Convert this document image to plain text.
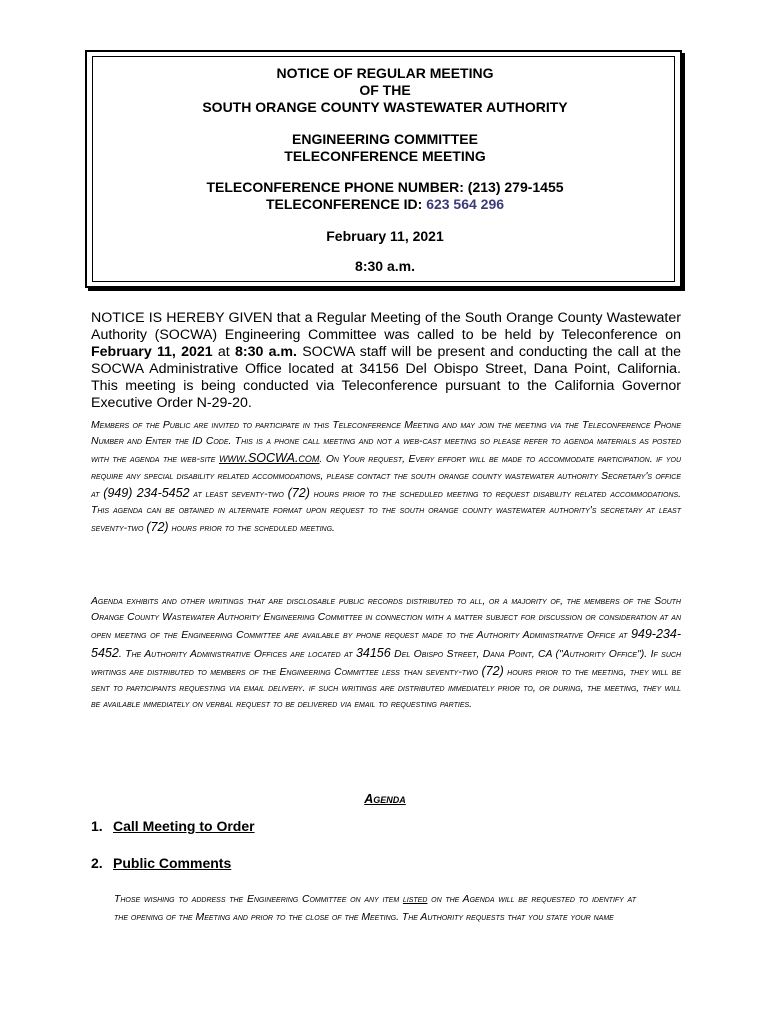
NOTICE OF REGULAR MEETING
OF THE
SOUTH ORANGE COUNTY WASTEWATER AUTHORITY

ENGINEERING COMMITTEE
TELECONFERENCE MEETING

TELECONFERENCE PHONE NUMBER: (213) 279-1455
TELECONFERENCE ID: 623 564 296

February 11, 2021

8:30 a.m.

NOTICE IS HEREBY GIVEN that a Regular Meeting of the South Orange County Wastewater Authority (SOCWA) Engineering Committee was called to be held by Teleconference on February 11, 2021 at 8:30 a.m. SOCWA staff will be present and conducting the call at the SOCWA Administrative Office located at 34156 Del Obispo Street, Dana Point, California. This meeting is being conducted via Teleconference pursuant to the California Governor Executive Order N-29-20.

Members of the Public are invited to participate in this Teleconference Meeting and may join the meeting via the Teleconference Phone Number and Enter the ID Code. This is a phone call meeting and not a web-cast meeting so please refer to agenda materials as posted with the agenda the web-site www.SOCWA.com. On Your request, Every effort will be made to accommodate participation. if you require any special disability related accommodations, please contact the south orange county wastewater authority Secretary's office at (949) 234-5452 at least seventy-two (72) hours prior to the scheduled meeting to request disability related accommodations. This agenda can be obtained in alternate format upon request to the south orange county wastewater authority's secretary at least seventy-two (72) hours prior to the scheduled meeting.

Agenda exhibits and other writings that are disclosable public records distributed to all, or a majority of, the members of the South Orange County Wastewater Authority Engineering Committee in connection with a matter subject for discussion or consideration at an open meeting of the Engineering Committee are available by phone request made to the Authority Administrative Office at 949-234-5452. The Authority Administrative Offices are located at 34156 Del Obispo Street, Dana Point, CA ("Authority Office"). If such writings are distributed to members of the Engineering Committee less than seventy-two (72) hours prior to the meeting, they will be sent to participants requesting via email delivery. if such writings are distributed immediately prior to, or during, the meeting, they will be available immediately on verbal request to be delivered via email to requesting parties.

Agenda

1. Call Meeting to Order

2. Public Comments

Those wishing to address the Engineering Committee on any item listed on the Agenda will be requested to identify at the opening of the Meeting and prior to the close of the Meeting. The Authority requests that you state your name
